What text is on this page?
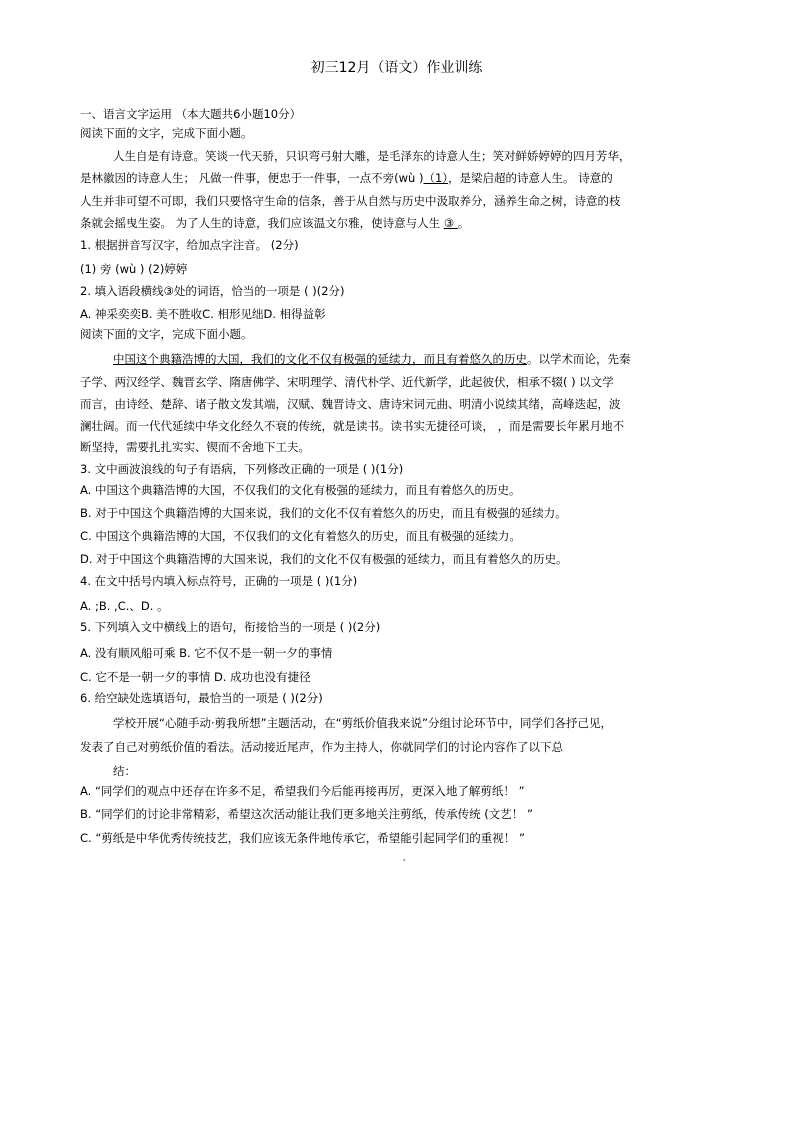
初三12月（语文）作业训练
一、语言文字运用 （本大题共6小题10分）
阅读下面的文字，完成下面小题。
人生自是有诗意。笑谈一代天骄，只识弯弓射大雕，是毛泽东的诗意人生；笑对鲜娇婷婷的四月芳华，
是林徽因的诗意人生； 凡做一件事，便忠于一件事，一点不旁(wù )（1），是梁启超的诗意人生。 诗意的
人生并非可望不可即，我们只要恪守生命的信条，善于从自然与历史中汲取养分，涵养生命之树，诗意的枝
条就会摇曳生姿。 为了人生的诗意，我们应该温文尔雅，使诗意与人生 ③ 。
1. 根据拼音写汉字，给加点字注音。 (2分)
(1) 旁 (wù ) (2)婷婷
2. 填入语段横线③处的词语，恰当的一项是 ( )(2分)
A. 神采奕奕B. 美不胜收C. 相形见绌D. 相得益彰
阅读下面的文字，完成下面小题。
中国这个典籍浩博的大国，我们的文化不仅有极强的延续力，而且有着悠久的历史。以学术而论，先秦
子学、两汉经学、魏晋玄学、隋唐佛学、宋明理学、清代朴学、近代新学，此起彼伏，相承不辍( ) 以文学
而言，由诗经、楚辞、诸子散文发其端，汉赋、魏晋诗文、唐诗宋词元曲、明清小说续其绪，高峰迭起，波
澜壮阔。而一代代延续中华文化经久不衰的传统，就是读书。读书实无捷径可谈， ，而是需要长年累月地不
断坚持，需要扎扎实实、锲而不舍地下工夫。
3. 文中画波浪线的句子有语病，下列修改正确的一项是 ( )(1分)
A. 中国这个典籍浩博的大国，不仅我们的文化有极强的延续力，而且有着悠久的历史。
B. 对于中国这个典籍浩博的大国来说，我们的文化不仅有着悠久的历史，而且有极强的延续力。
C. 中国这个典籍浩博的大国，不仅我们的文化有着悠久的历史，而且有极强的延续力。
D. 对于中国这个典籍浩博的大国来说，我们的文化不仅有极强的延续力，而且有着悠久的历史。
4. 在文中括号内填入标点符号，正确的一项是 ( )(1分)
A. ;B. ,C.、D. 。
5. 下列填入文中横线上的语句，衔接恰当的一项是 ( )(2分)
A. 没有顺风船可乘 B. 它不仅不是一朝一夕的事情
C. 它不是一朝一夕的事情 D. 成功也没有捷径
6. 给空缺处选填语句，最恰当的一项是 ( )(2分)
学校开展“心随手动·剪我所想”主题活动，在“剪纸价值我来说”分组讨论环节中，同学们各抒己见，
发表了自己对剪纸价值的看法。活动接近尾声，作为主持人，你就同学们的讨论内容作了以下总
结：
A. “同学们的观点中还存在许多不足，希望我们今后能再接再厉，更深入地了解剪纸！ ”
B. “同学们的讨论非常精彩，希望这次活动能让我们更多地关注剪纸，传承传统 (文艺！ ”
C. “剪纸是中华优秀传统技艺，我们应该无条件地传承它，希望能引起同学们的重视！ ”
'
